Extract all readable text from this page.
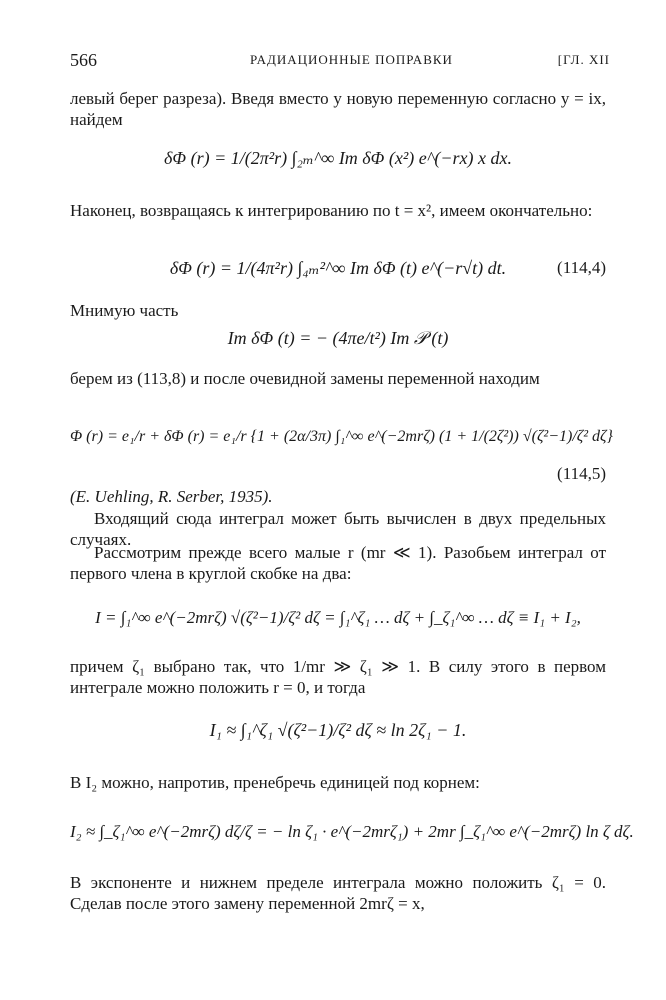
566	РАДИАЦИОННЫЕ ПОПРАВКИ	[ГЛ. XII
левый берег разреза). Введя вместо y новую переменную согласно y = ix, найдем
δΦ (r) = 1/(2π²r) ∫₂ₘ^∞ Im δΦ (x²) e^(−rx) x dx.
Наконец, возвращаясь к интегрированию по t = x², имеем окончательно:
δΦ (r) = 1/(4π²r) ∫₄ₘ²^∞ Im δΦ (t) e^(−r√t) dt.	(114,4)
Мнимую часть
Im δΦ (t) = − (4πe/t²) Im 𝒫 (t)
берем из (113,8) и после очевидной замены переменной находим
Φ (r) = e₁/r + δΦ (r) = e₁/r {1 + (2α/3π) ∫₁^∞ e^(−2mrζ) (1 + 1/(2ζ²)) √(ζ²−1)/ζ² dζ}
(114,5)
(E. Uehling, R. Serber, 1935).
Входящий сюда интеграл может быть вычислен в двух предельных случаях.
Рассмотрим прежде всего малые r (mr ≪ 1). Разобьем интеграл от первого члена в круглой скобке на два:
I = ∫₁^∞ e^(−2mrζ) √(ζ²−1)/ζ² dζ = ∫₁^ζ₁ … dζ + ∫_ζ₁^∞ … dζ ≡ I₁ + I₂,
причем ζ₁ выбрано так, что 1/mr ≫ ζ₁ ≫ 1. В силу этого в первом интеграле можно положить r = 0, и тогда
I₁ ≈ ∫₁^ζ₁ √(ζ²−1)/ζ² dζ ≈ ln 2ζ₁ − 1.
В I₂ можно, напротив, пренебречь единицей под корнем:
I₂ ≈ ∫_ζ₁^∞ e^(−2mrζ) dζ/ζ = − ln ζ₁ · e^(−2mrζ₁) + 2mr ∫_ζ₁^∞ e^(−2mrζ) ln ζ dζ.
В экспоненте и нижнем пределе интеграла можно положить ζ₁ = 0. Сделав после этого замену переменной 2mrζ = x,
